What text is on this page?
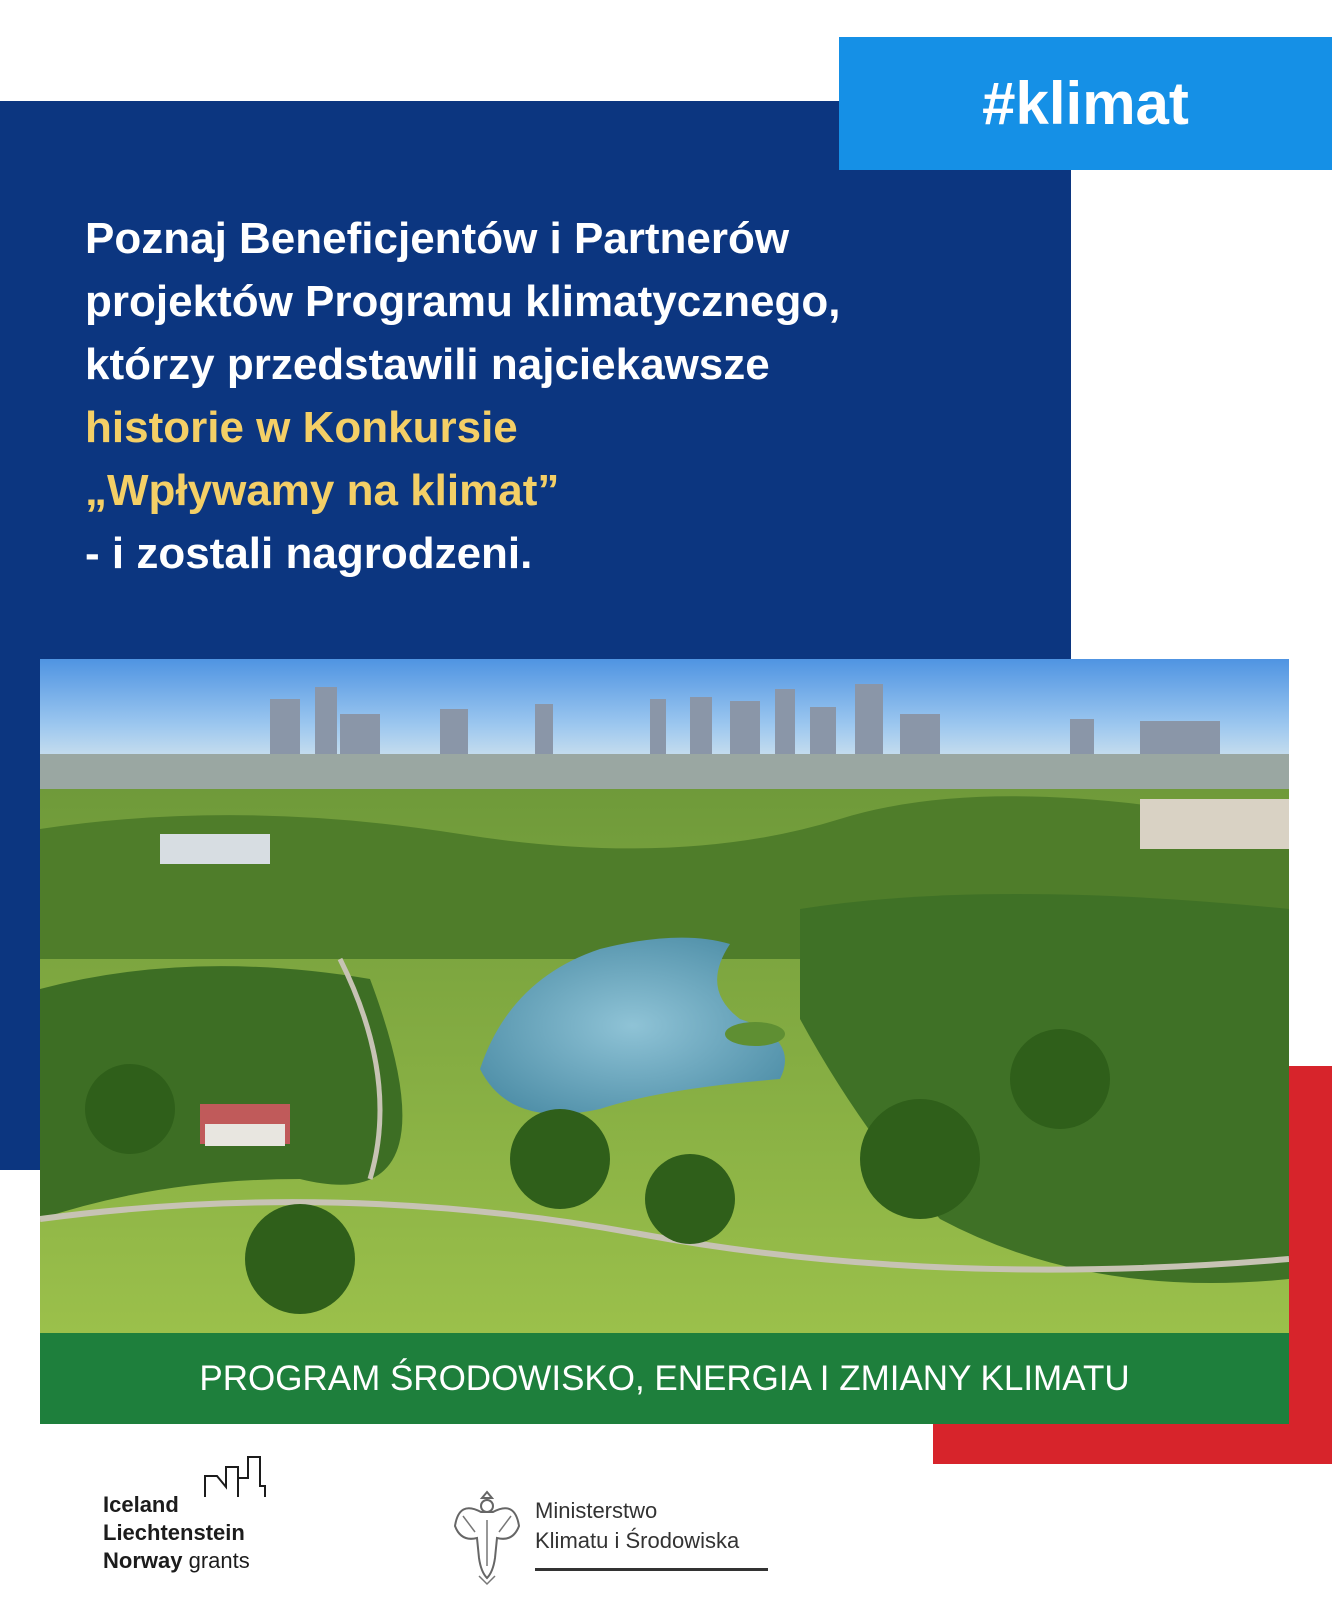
#klimat
Poznaj Beneficjentów i Partnerów
projektów Programu klimatycznego,
którzy przedstawili najciekawsze
historie w Konkursie
„Wpływamy na klimat”
- i zostali nagrodzeni.
PROGRAM ŚRODOWISKO, ENERGIA I ZMIANY KLIMATU
Iceland
Liechtenstein
Norway grants
Ministerstwo
Klimatu i Środowiska
